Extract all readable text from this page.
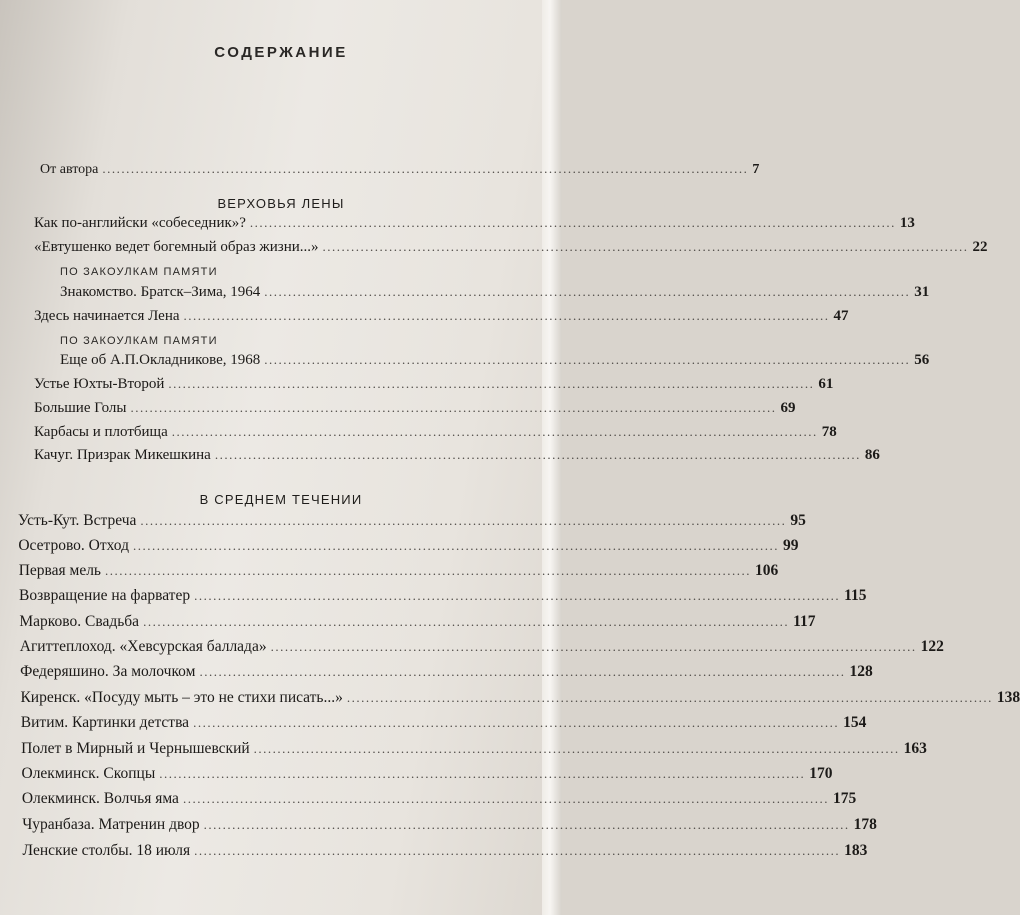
СОДЕРЖАНИЕ
От автора ........................................................................................................................................ 7
ВЕРХОВЬЯ ЛЕНЫ
Как по-английски «собеседник»? ........................................................................................................................................ 13
«Евтушенко ведет богемный образ жизни...» ........................................................................................................................................ 22
ПО ЗАКОУЛКАМ ПАМЯТИ
Знакомство. Братск–Зима, 1964 ........................................................................................................................................ 31
Здесь начинается Лена ........................................................................................................................................ 47
ПО ЗАКОУЛКАМ ПАМЯТИ
Еще об А.П.Окладникове, 1968 ........................................................................................................................................ 56
Устье Юхты-Второй ........................................................................................................................................ 61
Большие Голы ........................................................................................................................................ 69
Карбасы и плотбища ........................................................................................................................................ 78
Качуг. Призрак Микешкина ........................................................................................................................................ 86
В СРЕДНЕМ ТЕЧЕНИИ
Усть-Кут. Встреча ........................................................................................................................................ 95
Осетрово. Отход ........................................................................................................................................ 99
Первая мель ........................................................................................................................................ 106
Возвращение на фарватер ........................................................................................................................................ 115
Марково. Свадьба ........................................................................................................................................ 117
Агиттеплоход. «Хевсурская баллада» ........................................................................................................................................ 122
Федеряшино. За молочком ........................................................................................................................................ 128
Киренск. «Посуду мыть – это не стихи писать...» ........................................................................................................................................ 138
Витим. Картинки детства ........................................................................................................................................ 154
Полет в Мирный и Чернышевский ........................................................................................................................................ 163
Олекминск. Скопцы ........................................................................................................................................ 170
Олекминск. Волчья яма ........................................................................................................................................ 175
Чуранбаза. Матренин двор ........................................................................................................................................ 178
Ленские столбы. 18 июля ........................................................................................................................................ 183
